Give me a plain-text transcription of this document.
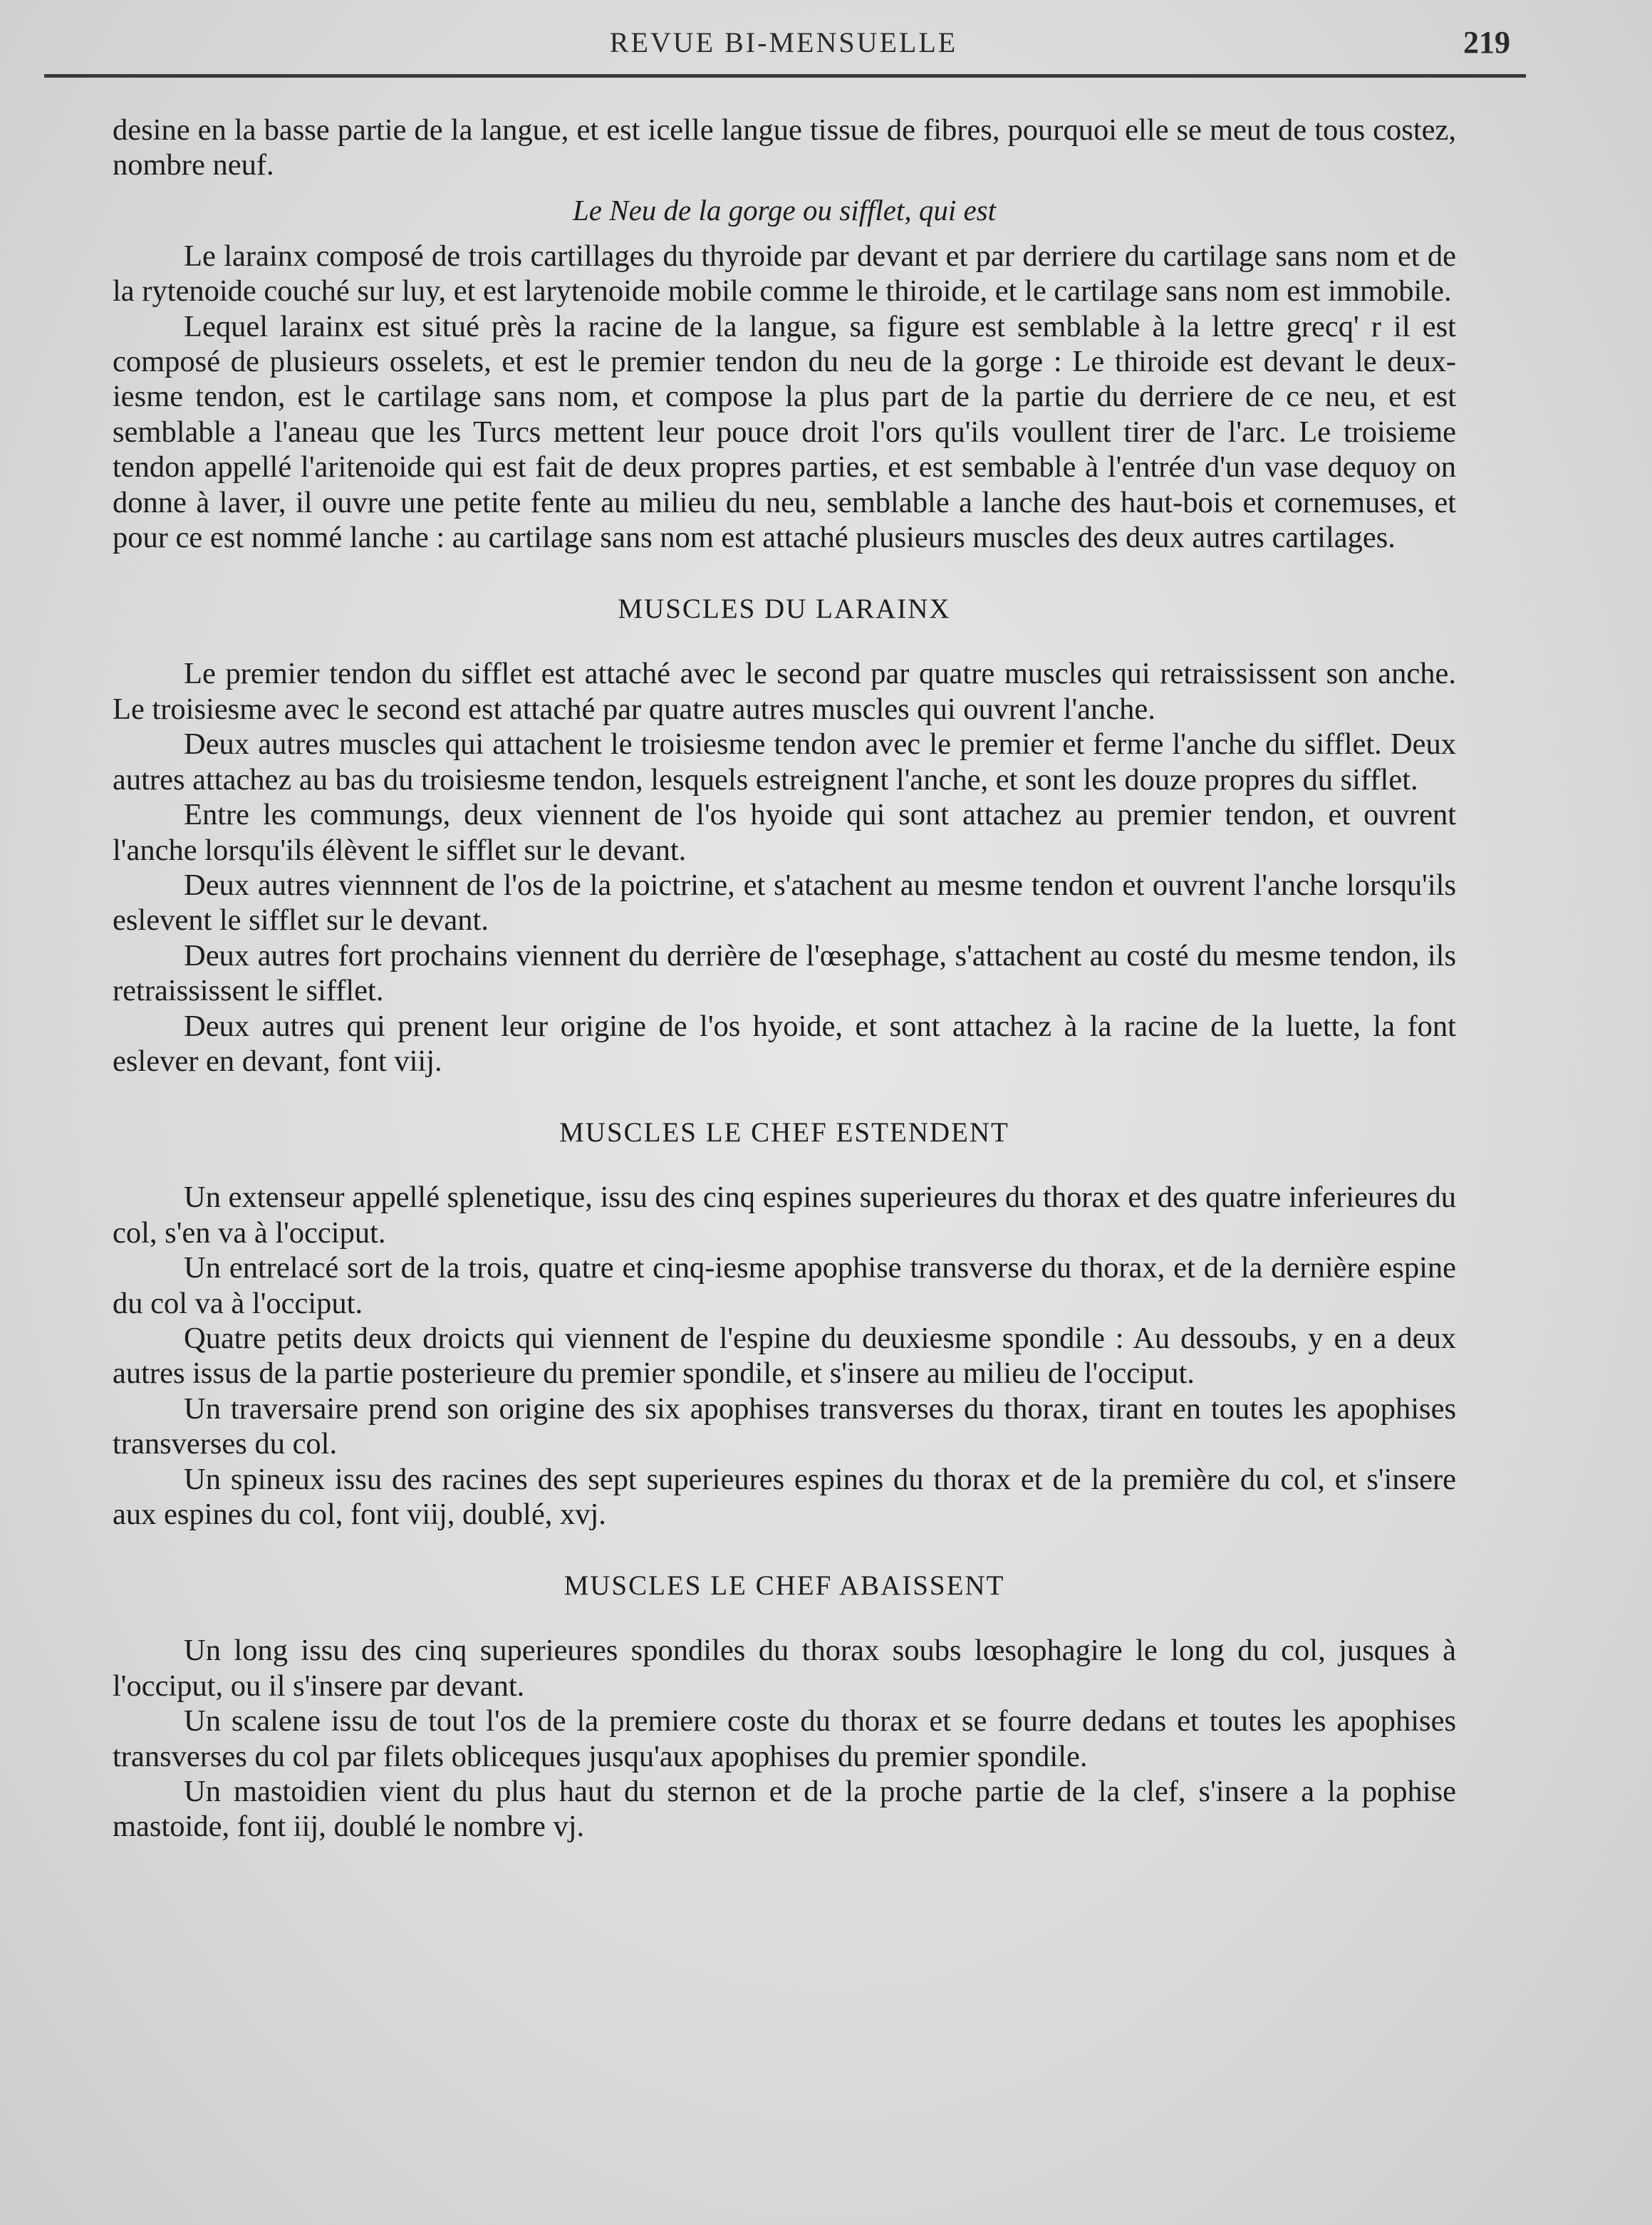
REVUE BI-MENSUELLE	219

desine en la basse partie de la langue, et est icelle langue tissue de fibres, pourquoi elle se meut de tous costez, nombre neuf.

Le Neu de la gorge ou sifflet, qui est

Le larainx composé de trois cartillages du thyroide par devant et par derriere du cartilage sans nom et de la rytenoide couché sur luy, et est larytenoide mobile comme le thiroide, et le cartilage sans nom est immobile.

Lequel larainx est situé près la racine de la langue, sa figure est semblable à la lettre grecq' r il est composé de plusieurs osselets, et est le premier tendon du neu de la gorge : Le thiroide est devant le deux-iesme tendon, est le cartilage sans nom, et compose la plus part de la partie du derriere de ce neu, et est semblable a l'aneau que les Turcs mettent leur pouce droit l'ors qu'ils voullent tirer de l'arc. Le troisieme tendon appellé l'aritenoide qui est fait de deux propres parties, et est sembable à l'entrée d'un vase dequoy on donne à laver, il ouvre une petite fente au milieu du neu, semblable a lanche des haut-bois et cornemuses, et pour ce est nommé lanche : au cartilage sans nom est attaché plusieurs muscles des deux autres cartilages.

MUSCLES DU LARAINX

Le premier tendon du sifflet est attaché avec le second par quatre muscles qui retraississent son anche. Le troisiesme avec le second est attaché par quatre autres muscles qui ouvrent l'anche.

Deux autres muscles qui attachent le troisiesme tendon avec le premier et ferme l'anche du sifflet. Deux autres attachez au bas du troisiesme tendon, lesquels estreignent l'anche, et sont les douze propres du sifflet.

Entre les commungs, deux viennent de l'os hyoide qui sont attachez au premier tendon, et ouvrent l'anche lorsqu'ils élèvent le sifflet sur le devant.

Deux autres viennnent de l'os de la poictrine, et s'atachent au mesme tendon et ouvrent l'anche lorsqu'ils eslevent le sifflet sur le devant.

Deux autres fort prochains viennent du derrière de l'œsephage, s'attachent au costé du mesme tendon, ils retraississent le sifflet.

Deux autres qui prenent leur origine de l'os hyoide, et sont attachez à la racine de la luette, la font eslever en devant, font viij.

MUSCLES LE CHEF ESTENDENT

Un extenseur appellé splenetique, issu des cinq espines superieures du thorax et des quatre inferieures du col, s'en va à l'occiput.

Un entrelacé sort de la trois, quatre et cinq-iesme apophise transverse du thorax, et de la dernière espine du col va à l'occiput.

Quatre petits deux droicts qui viennent de l'espine du deuxiesme spondile : Au dessoubs, y en a deux autres issus de la partie posterieure du premier spondile, et s'insere au milieu de l'occiput.

Un traversaire prend son origine des six apophises transverses du thorax, tirant en toutes les apophises transverses du col.

Un spineux issu des racines des sept superieures espines du thorax et de la première du col, et s'insere aux espines du col, font viij, doublé, xvj.

MUSCLES LE CHEF ABAISSENT

Un long issu des cinq superieures spondiles du thorax soubs lœsophagire le long du col, jusques à l'occiput, ou il s'insere par devant.

Un scalene issu de tout l'os de la premiere coste du thorax et se fourre dedans et toutes les apophises transverses du col par filets obliceques jusqu'aux apophises du premier spondile.

Un mastoidien vient du plus haut du sternon et de la proche partie de la clef, s'insere a la pophise mastoide, font iij, doublé le nombre vj.
